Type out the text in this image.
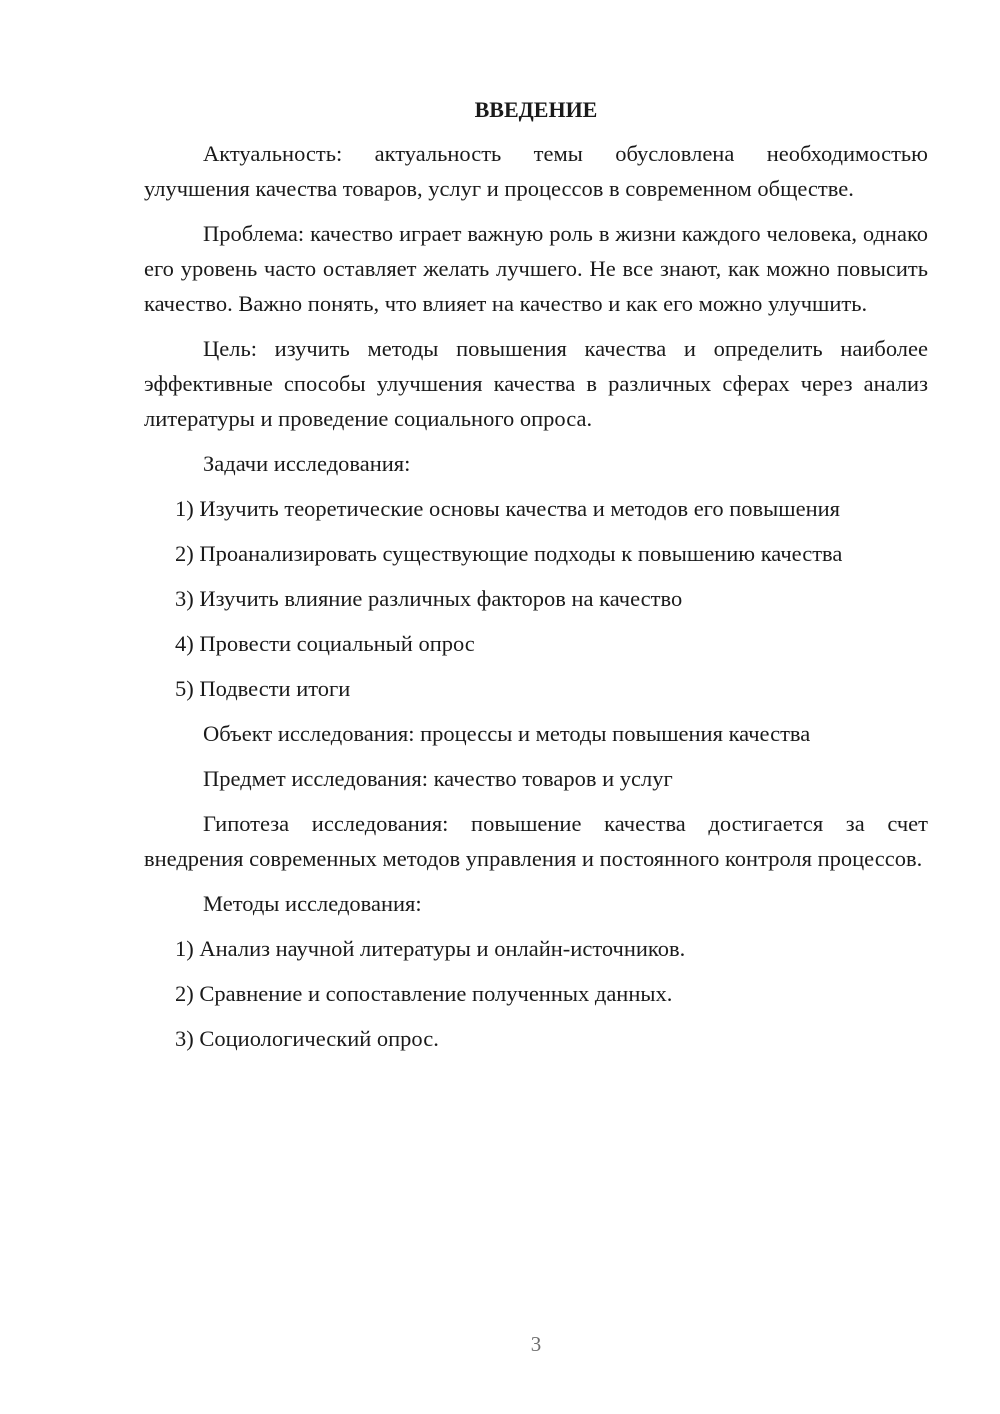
ВВЕДЕНИЕ

Актуальность: актуальность темы обусловлена необходимостью улучшения качества товаров, услуг и процессов в современном обществе.

Проблема: качество играет важную роль в жизни каждого человека, однако его уровень часто оставляет желать лучшего. Не все знают, как можно повысить качество. Важно понять, что влияет на качество и как его можно улучшить.

Цель: изучить методы повышения качества и определить наиболее эффективные способы улучшения качества в различных сферах через анализ литературы и проведение социального опроса.

Задачи исследования:

1) Изучить теоретические основы качества и методов его повышения

2) Проанализировать существующие подходы к повышению качества

3) Изучить влияние различных факторов на качество

4) Провести социальный опрос

5) Подвести итоги

Объект исследования: процессы и методы повышения качества

Предмет исследования: качество товаров и услуг

Гипотеза исследования: повышение качества достигается за счет внедрения современных методов управления и постоянного контроля процессов.

Методы исследования:

1) Анализ научной литературы и онлайн-источников.

2) Сравнение и сопоставление полученных данных.

3) Социологический опрос.

3
